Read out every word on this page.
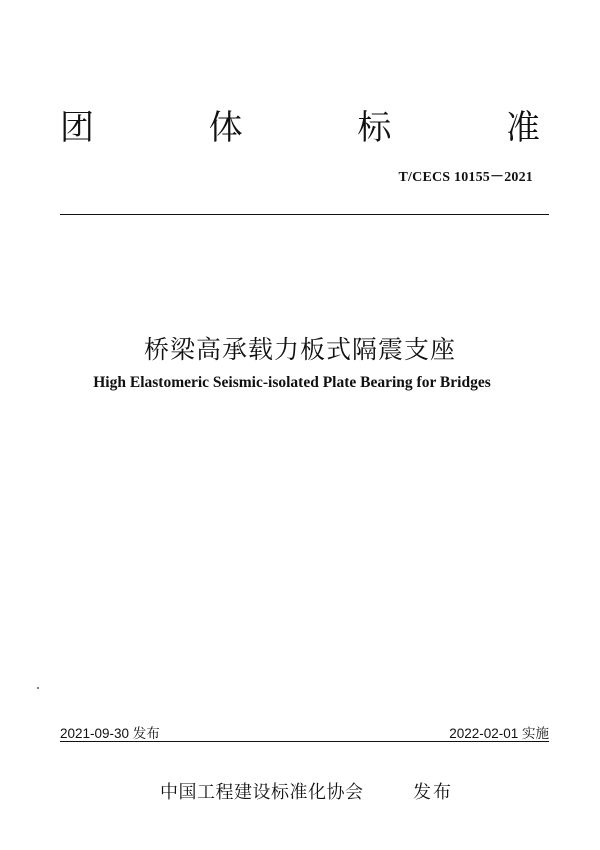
团	体	标	准
T/CECS 10155－2021
桥梁高承载力板式隔震支座
High Elastomeric Seismic-isolated Plate Bearing for Bridges
2021-09-30 发布	2022-02-01 实施
中国工程建设标准化协会	发布
